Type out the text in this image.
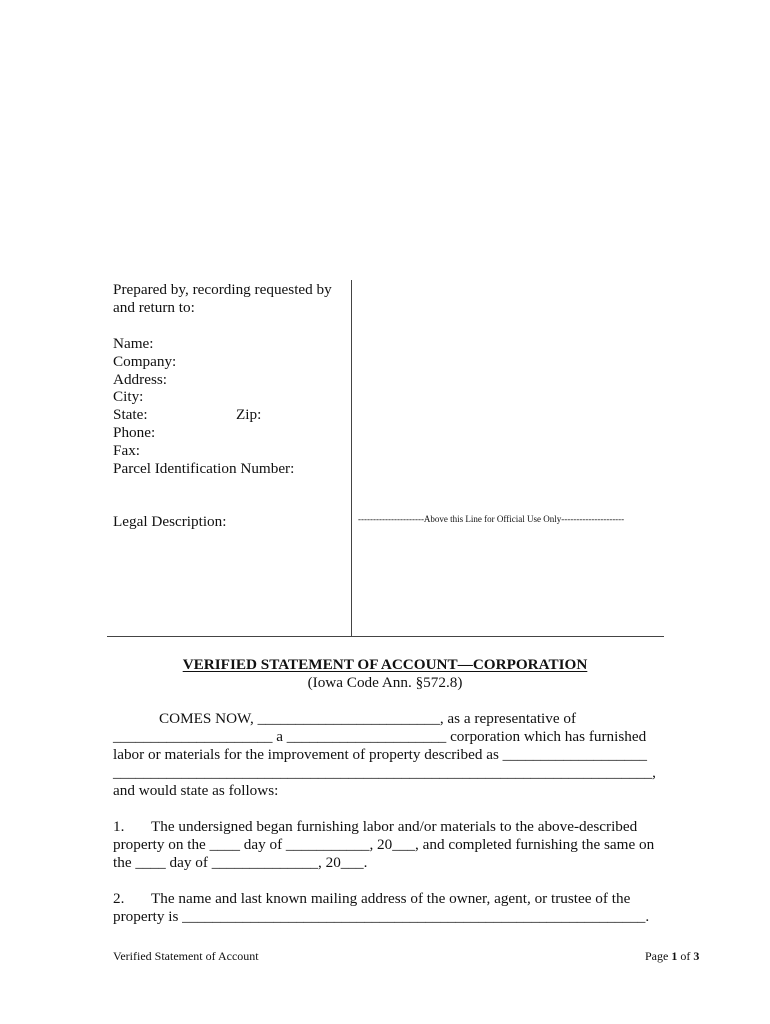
Prepared by, recording requested by
and return to:
Name:
Company:
Address:
City:
State:	Zip:
Phone:
Fax:
Parcel Identification Number:
Legal Description:	----------------------Above this Line for Official Use Only---------------------
VERIFIED STATEMENT OF ACCOUNT—CORPORATION
(Iowa Code Ann. §572.8)
COMES NOW, ________________________, as a representative of
_____________________ a _____________________ corporation which has furnished
labor or materials for the improvement of property described as ___________________
_______________________________________________________________________,
and would state as follows:
1.       The undersigned began furnishing labor and/or materials to the above-described
property on the ____ day of ___________, 20___, and completed furnishing the same on
the ____ day of ______________, 20___.
2.       The name and last known mailing address of the owner, agent, or trustee of the
property is _____________________________________________________________.
Verified Statement of Account	Page 1 of 3
